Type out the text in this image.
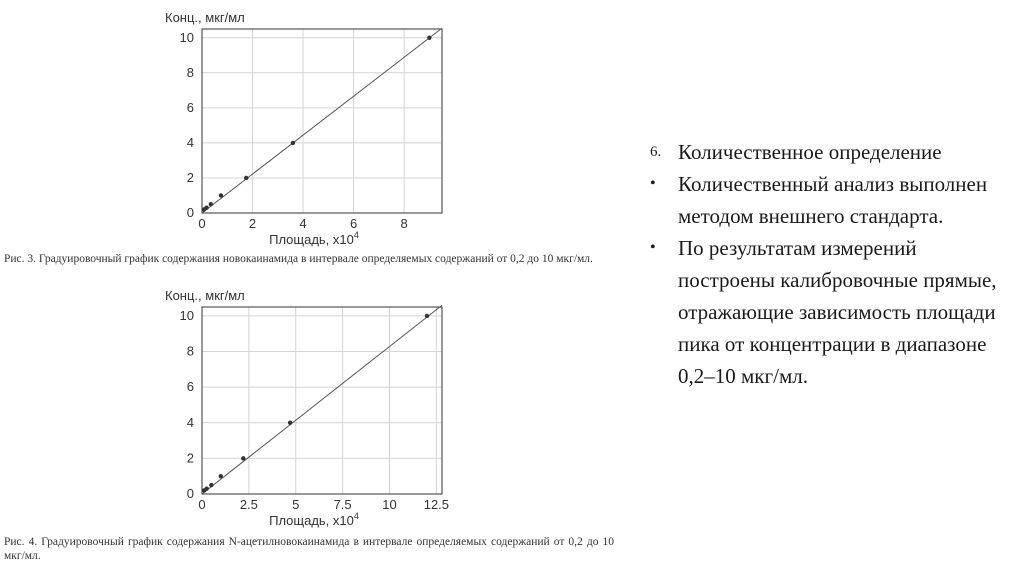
0	2	4	6	8
0
2
4
6
8
10
Конц., мкг/мл
Площадь, $x10^4$
Рис. 3. Градуировочный график содержания новокаинамида в интервале определяемых содержаний от 0,2 до 10 мкг/мл.
0	2.5	5	7.5 10 12.5
0
2
4
6
8
10
Конц., мкг/мл
Площадь, $x10^4$
Рис. 4. Градуировочный график содержания N-ацетилновокаинамида в интервале определяемых содержаний от 0,2 до 10 мкг/мл.
6. Количественное определение
•	Количественный анализ выполнен методом внешнего стандарта.
•	По результатам измерений построены калибровочные прямые, отражающие зависимость площади пика от концентрации в диапазоне 0,2–10 мкг/мл.
